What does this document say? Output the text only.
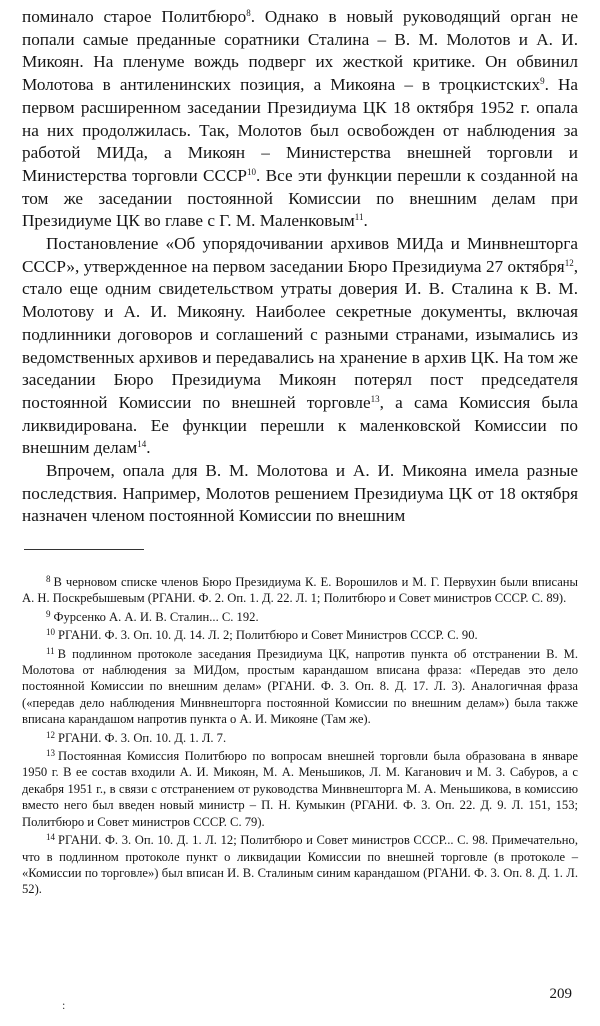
поминало старое Политбюро$^8$. Однако в новый руководящий орган не попали самые преданные соратники Сталина – В. М. Молотов и А. И. Микоян. На пленуме вождь подверг их жесткой критике. Он обвинил Молотова в антиленинских позиция, а Микояна – в троцкистских$^9$. На первом расширенном заседании Президиума ЦК 18 октября 1952 г. опала на них продолжилась. Так, Молотов был освобожден от наблюдения за работой МИДа, а Микоян – Министерства внешней торговли и Министерства торговли СССР$^{10}$. Все эти функции перешли к созданной на том же заседании постоянной Комиссии по внешним делам при Президиуме ЦК во главе с Г. М. Маленковым$^{11}$.

Постановление «Об упорядочивании архивов МИДа и Минвнешторга СССР», утвержденное на первом заседании Бюро Президиума 27 октября$^{12}$, стало еще одним свидетельством утраты доверия И. В. Сталина к В. М. Молотову и А. И. Микояну. Наиболее секретные документы, включая подлинники договоров и соглашений с разными странами, изымались из ведомственных архивов и передавались на хранение в архив ЦК. На том же заседании Бюро Президиума Микоян потерял пост председателя постоянной Комиссии по внешней торговле$^{13}$, а сама Комиссия была ликвидирована. Ее функции перешли к маленковской Комиссии по внешним делам$^{14}$.

Впрочем, опала для В. М. Молотова и А. И. Микояна имела разные последствия. Например, Молотов решением Президиума ЦК от 18 октября назначен членом постоянной Комиссии по внешним

$^8$ В черновом списке членов Бюро Президиума К. Е. Ворошилов и М. Г. Первухин были вписаны А. Н. Поскребышевым (РГАНИ. Ф. 2. Оп. 1. Д. 22. Л. 1; Политбюро и Совет министров СССР. С. 89).

$^9$ Фурсенко А. А. И. В. Сталин... С. 192.

$^{10}$ РГАНИ. Ф. 3. Оп. 10. Д. 14. Л. 2; Политбюро и Совет Министров СССР. С. 90.

$^{11}$ В подлинном протоколе заседания Президиума ЦК, напротив пункта об отстранении В. М. Молотова от наблюдения за МИДом, простым карандашом вписана фраза: «Передав это дело постоянной Комиссии по внешним делам» (РГАНИ. Ф. 3. Оп. 8. Д. 17. Л. 3). Аналогичная фраза («передав дело наблюдения Минвнешторга постоянной Комиссии по внешним делам») была также вписана карандашом напротив пункта о А. И. Микояне (Там же).

$^{12}$ РГАНИ. Ф. 3. Оп. 10. Д. 1. Л. 7.

$^{13}$ Постоянная Комиссия Политбюро по вопросам внешней торговли была образована в январе 1950 г. В ее состав входили А. И. Микоян, М. А. Меньшиков, Л. М. Каганович и М. З. Сабуров, а с декабря 1951 г., в связи с отстранением от руководства Минвнешторга М. А. Меньшикова, в комиссию вместо него был введен новый министр – П. Н. Кумыкин (РГАНИ. Ф. 3. Оп. 22. Д. 9. Л. 151, 153; Политбюро и Совет министров СССР. С. 79).

$^{14}$ РГАНИ. Ф. 3. Оп. 10. Д. 1. Л. 12; Политбюро и Совет министров СССР... С. 98. Примечательно, что в подлинном протоколе пункт о ликвидации Комиссии по внешней торговле (в протоколе – «Комиссии по торговле») был вписан И. В. Сталиным синим карандашом (РГАНИ. Ф. 3. Оп. 8. Д. 1. Л. 52).

209
:
